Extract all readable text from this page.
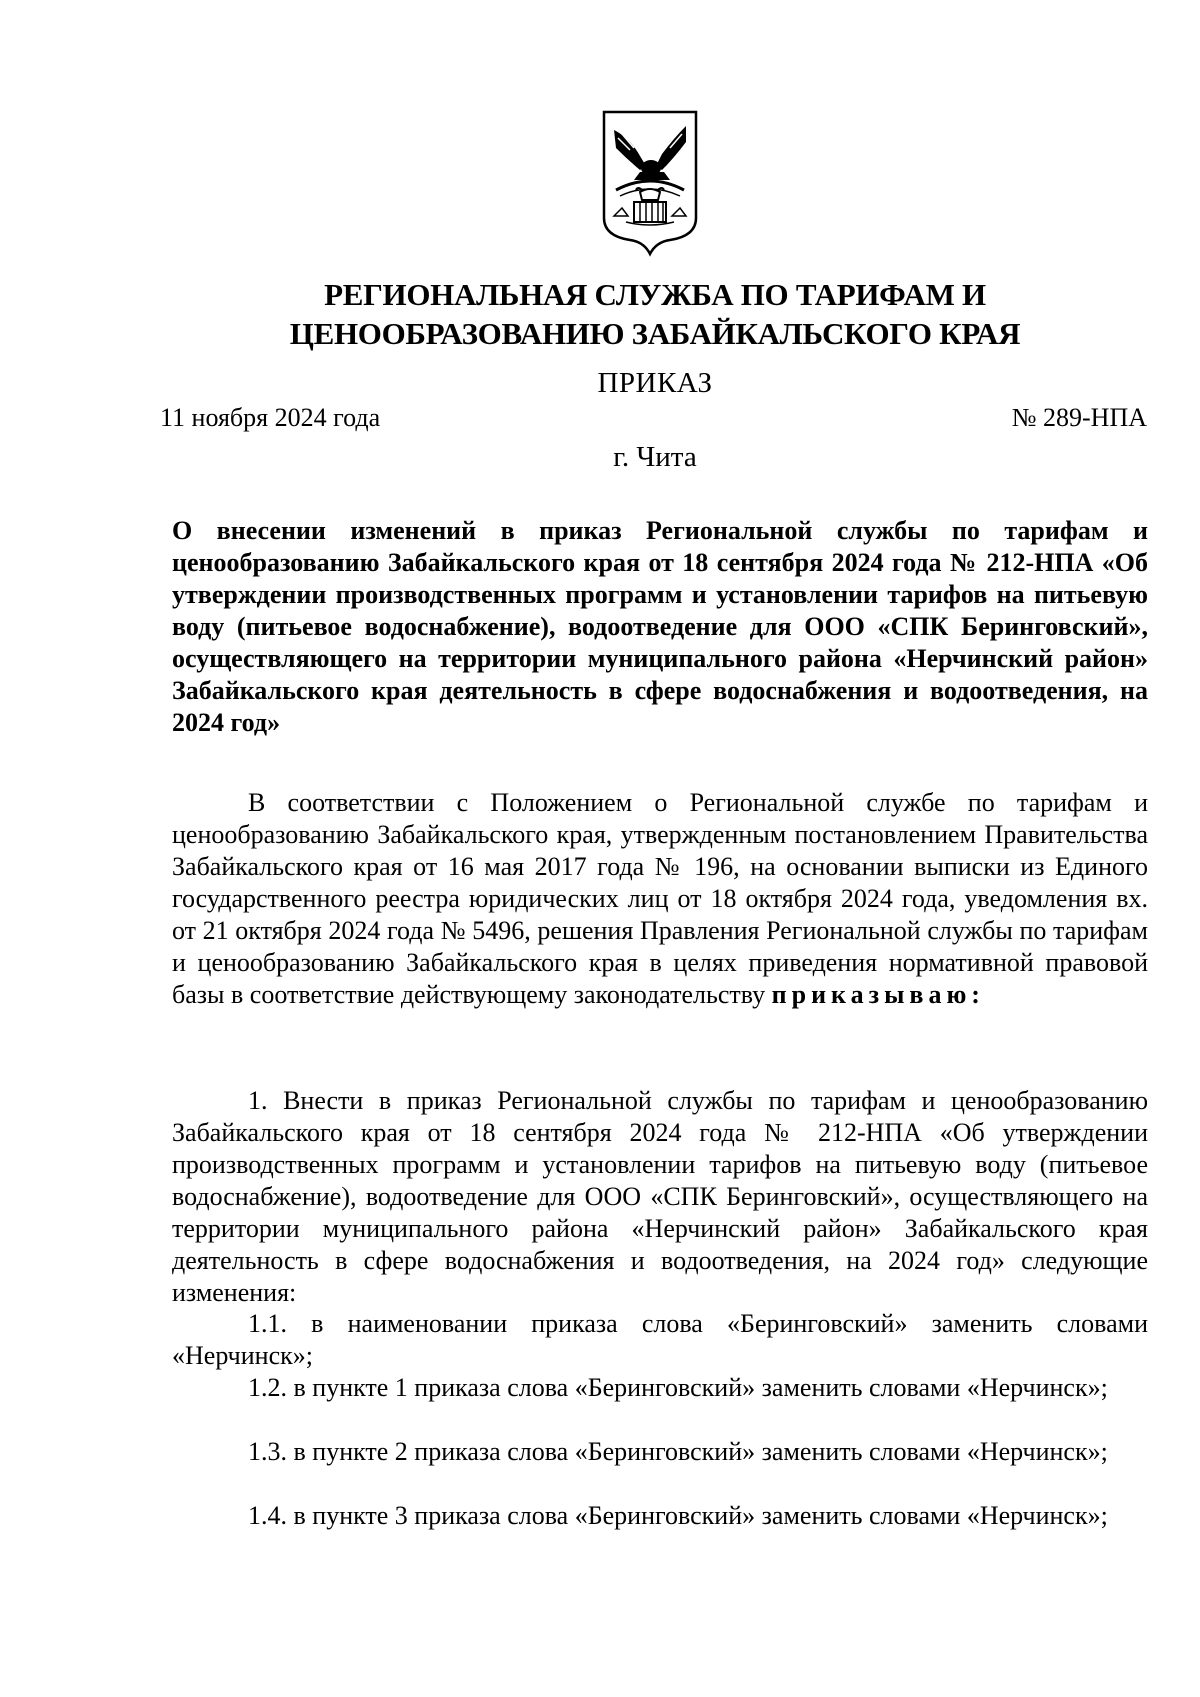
РЕГИОНАЛЬНАЯ СЛУЖБА ПО ТАРИФАМ И
ЦЕНООБРАЗОВАНИЮ ЗАБАЙКАЛЬСКОГО КРАЯ
ПРИКАЗ
11 ноября 2024 года	№ 289-НПА
г. Чита
О внесении изменений в приказ Региональной службы по тарифам и ценообразованию Забайкальского края от 18 сентября 2024 года № 212-НПА «Об утверждении производственных программ и установлении тарифов на питьевую воду (питьевое водоснабжение), водоотведение для ООО «СПК Беринговский», осуществляющего на территории муниципального района «Нерчинский район» Забайкальского края деятельность в сфере водоснабжения и водоотведения, на 2024 год»
В соответствии с Положением о Региональной службе по тарифам и ценообразованию Забайкальского края, утвержденным постановлением Правительства Забайкальского края от 16 мая 2017 года № 196, на основании выписки из Единого государственного реестра юридических лиц от 18 октября 2024 года, уведомления вх. от 21 октября 2024 года № 5496, решения Правления Региональной службы по тарифам и ценообразованию Забайкальского края в целях приведения нормативной правовой базы в соответствие действующему законодательству приказываю:
1. Внести в приказ Региональной службы по тарифам и ценообразованию Забайкальского края от 18 сентября 2024 года № 212-НПА «Об утверждении производственных программ и установлении тарифов на питьевую воду (питьевое водоснабжение), водоотведение для ООО «СПК Беринговский», осуществляющего на территории муниципального района «Нерчинский район» Забайкальского края деятельность в сфере водоснабжения и водоотведения, на 2024 год» следующие изменения:
1.1. в наименовании приказа слова «Беринговский» заменить словами «Нерчинск»;
1.2. в пункте 1 приказа слова «Беринговский» заменить словами «Нерчинск»;
1.3. в пункте 2 приказа слова «Беринговский» заменить словами «Нерчинск»;
1.4. в пункте 3 приказа слова «Беринговский» заменить словами «Нерчинск»;
